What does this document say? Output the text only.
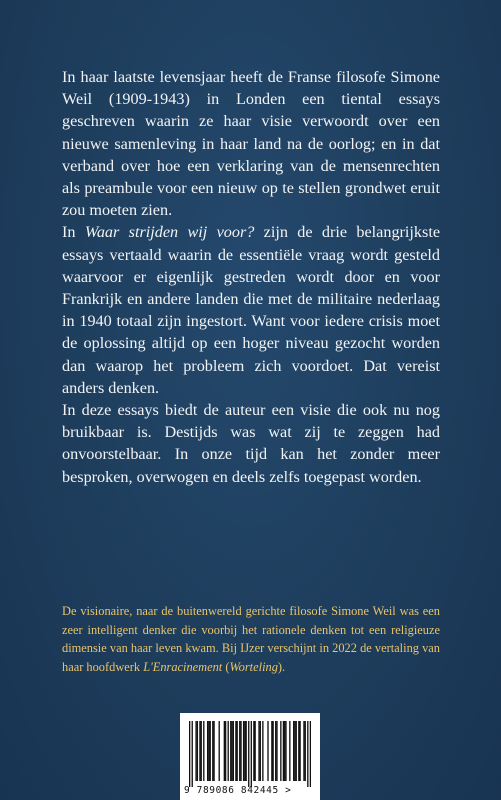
In haar laatste levensjaar heeft de Franse filosofe Simone Weil (1909-1943) in Londen een tiental essays geschreven waarin ze haar visie verwoordt over een nieuwe samenleving in haar land na de oorlog; en in dat verband over hoe een verklaring van de mensenrechten als preambule voor een nieuw op te stellen grondwet eruit zou moeten zien.

In Waar strijden wij voor? zijn de drie belangrijkste essays vertaald waarin de essentiële vraag wordt gesteld waarvoor er eigenlijk gestreden wordt door en voor Frankrijk en andere landen die met de militaire nederlaag in 1940 totaal zijn ingestort. Want voor iedere crisis moet de oplossing altijd op een hoger niveau gezocht worden dan waarop het probleem zich voordoet. Dat vereist anders denken.

In deze essays biedt de auteur een visie die ook nu nog bruikbaar is. Destijds was wat zij te zeggen had onvoorstelbaar. In onze tijd kan het zonder meer besproken, overwogen en deels zelfs toegepast worden.

De visionaire, naar de buitenwereld gerichte filosofe Simone Weil was een zeer intelligent denker die voorbij het rationele denken tot een religieuze dimensie van haar leven kwam. Bij IJzer verschijnt in 2022 de vertaling van haar hoofdwerk L'Enracinement (Worteling).

9 789086 842445 >
